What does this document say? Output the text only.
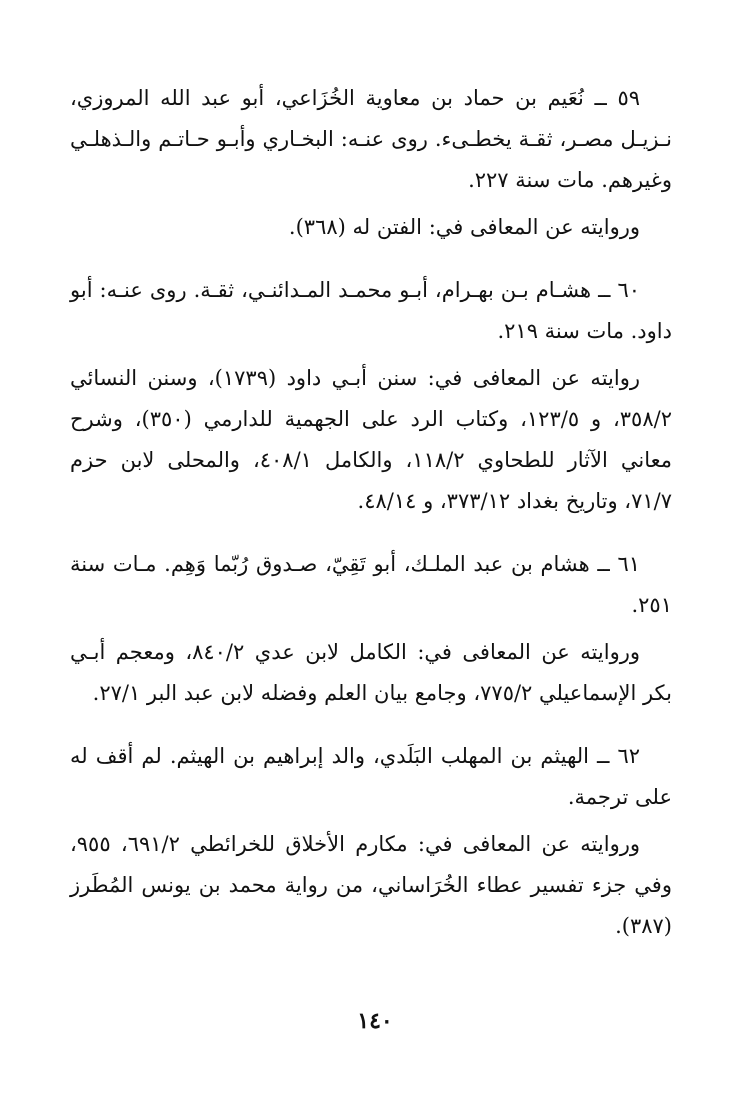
٥٩ ــ نُعَيم بن حماد بن معاوية الخُزَاعي، أبو عبد الله المروزي، نـزيـل مصـر، ثقـة يخطـىء. روى عنـه: البخـاري وأبـو حـاتـم والـذهلـي وغيرهم. مات سنة ٢٢٧.

وروايته عن المعافى في: الفتن له (٣٦٨).

٦٠ ــ هشـام بـن بهـرام، أبـو محمـد المـدائنـي، ثقـة. روى عنـه: أبو داود. مات سنة ٢١٩.

روايته عن المعافى في: سنن أبـي داود (١٧٣٩)، وسنن النسائي ٣٥٨/٢، و ١٢٣/٥، وكتاب الرد على الجهمية للدارمي (٣٥٠)، وشرح معاني الآثار للطحاوي ١١٨/٢، والكامل ٤٠٨/١، والمحلى لابن حزم ٧١/٧، وتاريخ بغداد ٣٧٣/١٢، و ٤٨/١٤.

٦١ ــ هشام بن عبد الملـك، أبو تَقِيّ، صـدوق رُبّما وَهِم. مـات سنة ٢٥١.

وروايته عن المعافى في: الكامل لابن عدي ٨٤٠/٢، ومعجم أبـي بكر الإسماعيلي ٧٧٥/٢، وجامع بيان العلم وفضله لابن عبد البر ٢٧/١.

٦٢ ــ الهيثم بن المهلب البَلَدي، والد إبراهيم بن الهيثم. لم أقف له على ترجمة.

وروايته عن المعافى في: مكارم الأخلاق للخرائطي ٦٩١/٢، ٩٥٥، وفي جزء تفسير عطاء الخُرَاساني، من رواية محمد بن يونس المُطَرز (٣٨٧).

١٤٠
